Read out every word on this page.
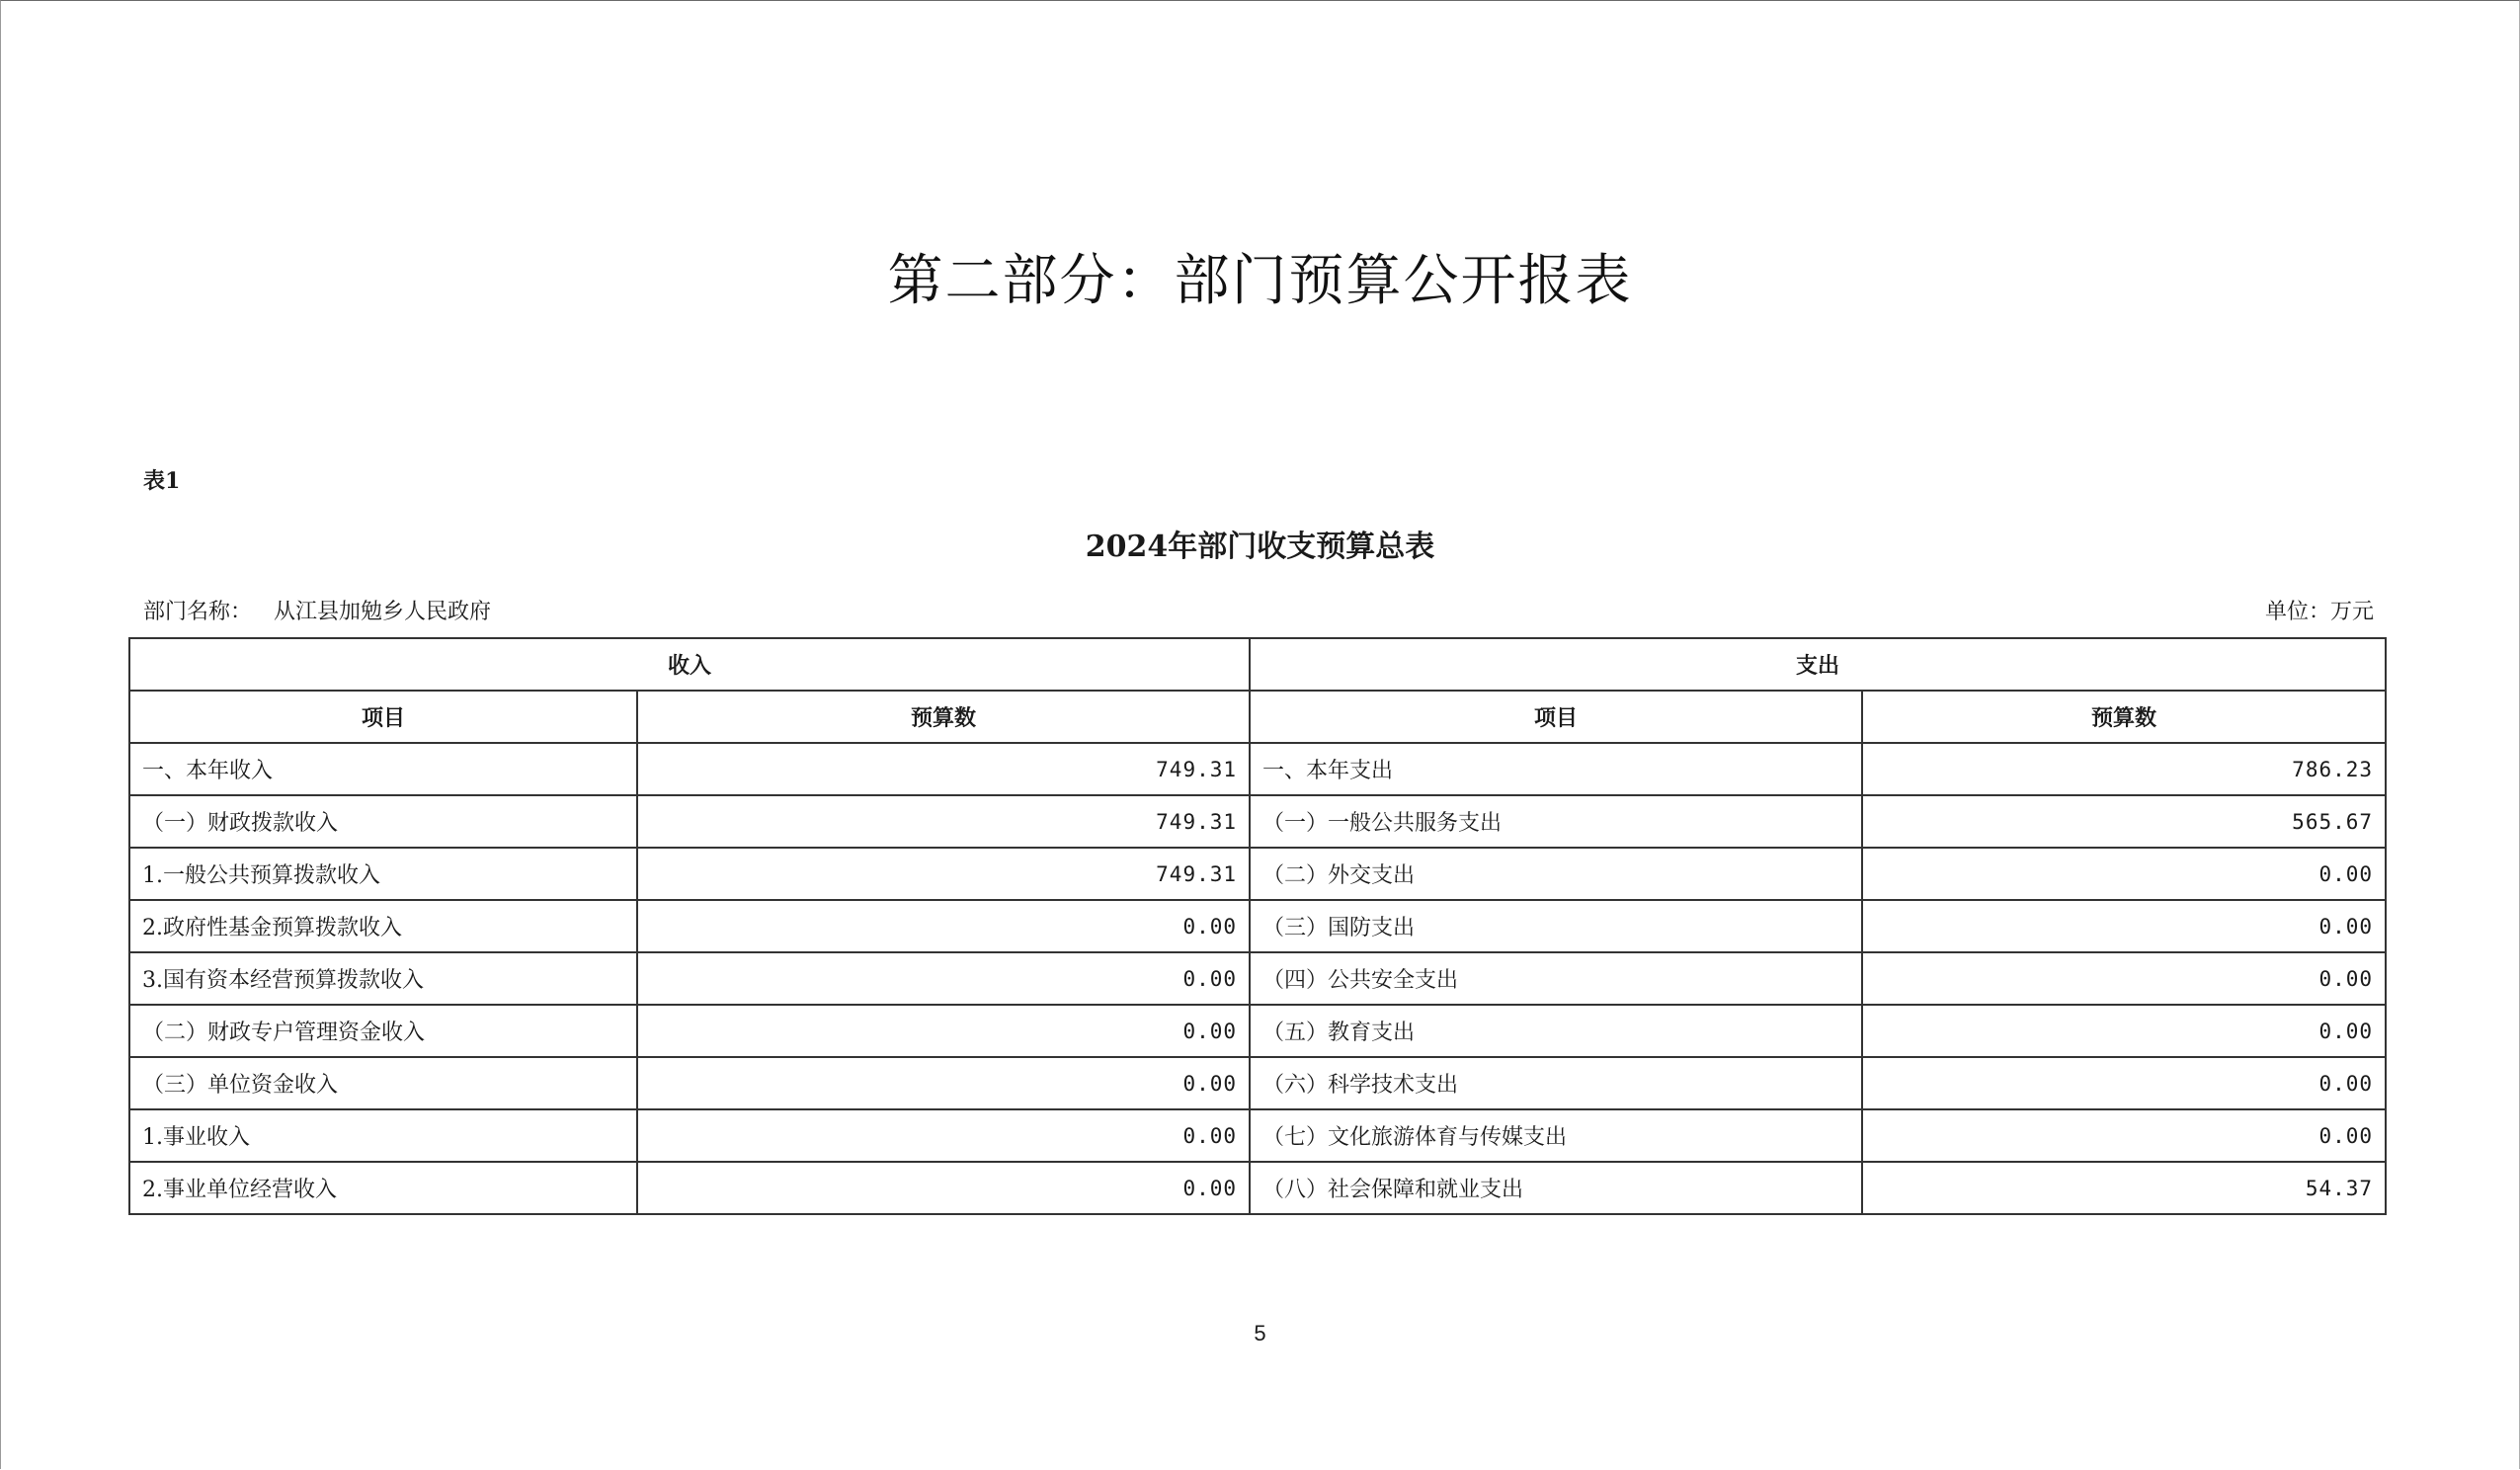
第二部分：部门预算公开报表
表1
2024年部门收支预算总表
部门名称： 从江县加勉乡人民政府	单位：万元
收入		支出	
项目	预算数	项目	预算数
一、本年收入	749.31	一、本年支出	786.23
（一）财政拨款收入	749.31	（一）一般公共服务支出	565.67
1.一般公共预算拨款收入	749.31	（二）外交支出	0.00
2.政府性基金预算拨款收入	0.00	（三）国防支出	0.00
3.国有资本经营预算拨款收入	0.00	（四）公共安全支出	0.00
（二）财政专户管理资金收入	0.00	（五）教育支出	0.00
（三）单位资金收入	0.00	（六）科学技术支出	0.00
1.事业收入	0.00	（七）文化旅游体育与传媒支出	0.00
2.事业单位经营收入	0.00	（八）社会保障和就业支出	54.37
5
